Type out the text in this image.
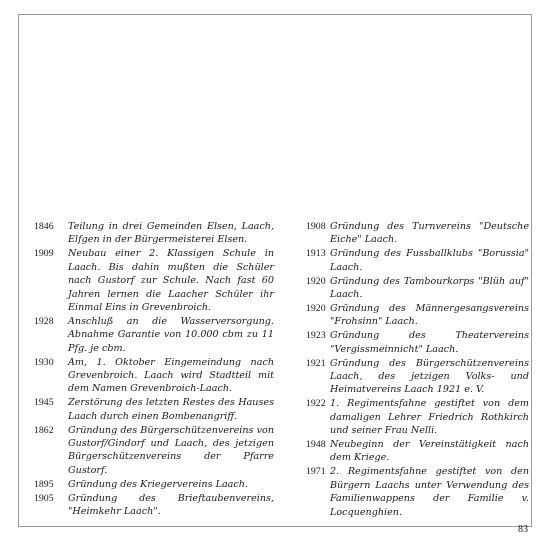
1846	Teilung in drei Gemeinden Elsen, Laach, Elfgen in der Bürgermeisterei Elsen.
1909	Neubau einer 2. Klassigen Schule in Laach. Bis dahin mußten die Schüler nach Gustorf zur Schule. Nach fast 60 Jahren lernen die Laacher Schüler ihr Einmal Eins in Grevenbroich.
1928	Anschluß an die Wasserversorgung. Abnahme Garantie von 10.000 cbm zu 11 Pfg. je cbm.
1930	Am, 1. Oktober Eingemeindung nach Grevenbroich. Laach wird Stadtteil mit dem Namen Grevenbroich-Laach.
1945	Zerstörung des letzten Restes des Hauses Laach durch einen Bombenangriff.
1862	Gründung des Bürgerschützenvereins von Gustorf/Gindorf und Laach, des jetzigen Bürgerschützenvereins der Pfarre Gustorf.
1895	Gründung des Kriegervereins Laach.
1905	Gründung des Brieftaubenvereins, "Heimkehr Laach".
1908 Gründung des Turnvereins "Deutsche Eiche" Laach.
1913 Gründung des Fussballklubs "Borussia" Laach.
1920 Gründung des Tambourkorps "Blüh auf" Laach.
1920 Gründung des Männergesangsvereins "Frohsinn" Laach.
1923 Gründung des Theatervereins "Vergissmeinnicht" Laach.
1921 Gründung des Bürgerschützenvereins Laach, des jetzigen Volks- und Heimatvereins Laach 1921 e. V.
1922 1. Regimentsfahne gestiftet von dem damaligen Lehrer Friedrich Rothkirch und seiner Frau Nelli.
1948 Neubeginn der Vereinstätigkeit nach dem Kriege.
1971 2. Regimentsfahne gestiftet von den Bürgern Laachs unter Verwendung des Familienwappens der Familie v. Locquenghien.
83
